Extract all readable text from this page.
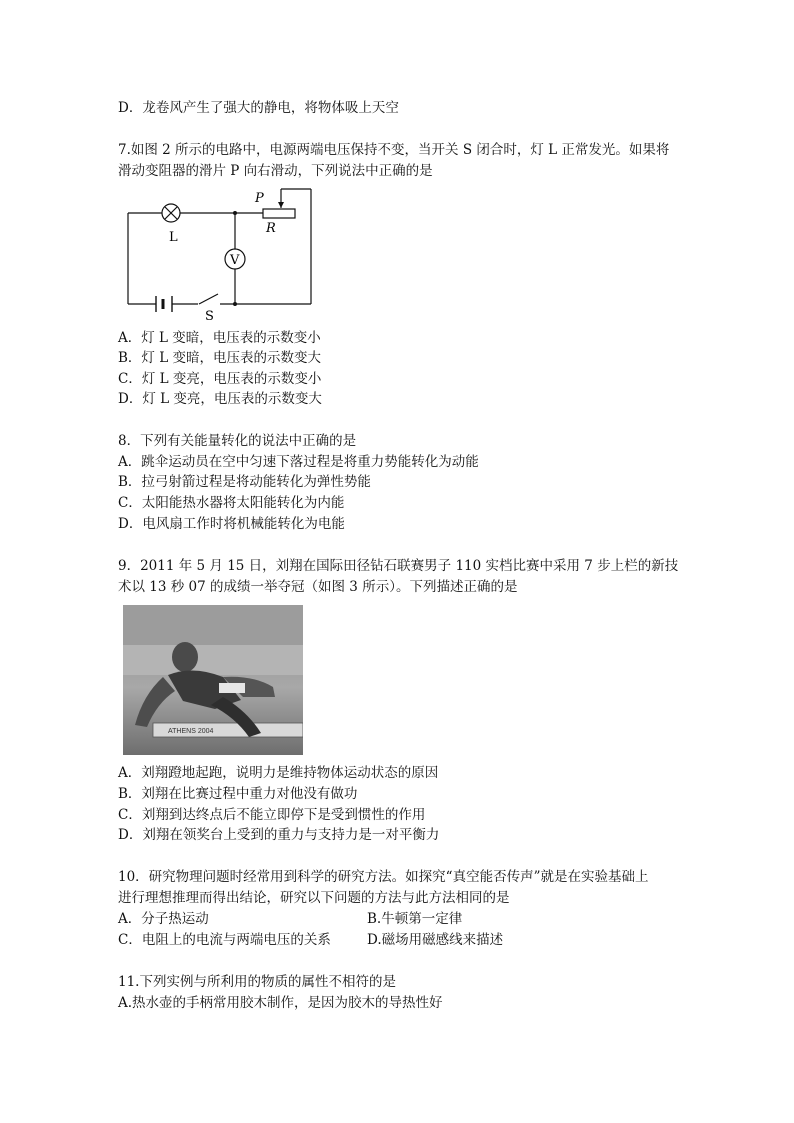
D．龙卷风产生了强大的静电，将物体吸上天空
7.如图 2 所示的电路中，电源两端电压保持不变，当开关 S 闭合时，灯 L 正常发光。如果将
滑动变阻器的滑片 P 向右滑动，下列说法中正确的是
L
P
R
V
S
A．灯 L 变暗，电压表的示数变小
B．灯 L 变暗，电压表的示数变大
C．灯 L 变亮，电压表的示数变小
D．灯 L 变亮，电压表的示数变大
8．下列有关能量转化的说法中正确的是
A．跳伞运动员在空中匀速下落过程是将重力势能转化为动能
B．拉弓射箭过程是将动能转化为弹性势能
C．太阳能热水器将太阳能转化为内能
D．电风扇工作时将机械能转化为电能
9．2011 年 5 月 15 日，刘翔在国际田径钻石联赛男子 110 实档比赛中采用 7 步上栏的新技
术以 13 秒 07 的成绩一举夺冠（如图 3 所示）。下列描述正确的是
ATHENS 2004
A．刘翔蹬地起跑，说明力是维持物体运动状态的原因
B．刘翔在比赛过程中重力对他没有做功
C．刘翔到达终点后不能立即停下是受到惯性的作用
D．刘翔在领奖台上受到的重力与支持力是一对平衡力
10．研究物理问题时经常用到科学的研究方法。如探究“真空能否传声”就是在实验基础上
进行理想推理而得出结论，研究以下问题的方法与此方法相同的是
A．分子热运动	B.牛顿第一定律
C．电阻上的电流与两端电压的关系	D.磁场用磁感线来描述
11.下列实例与所利用的物质的属性不相符的是
A.热水壶的手柄常用胶木制作，是因为胶木的导热性好
